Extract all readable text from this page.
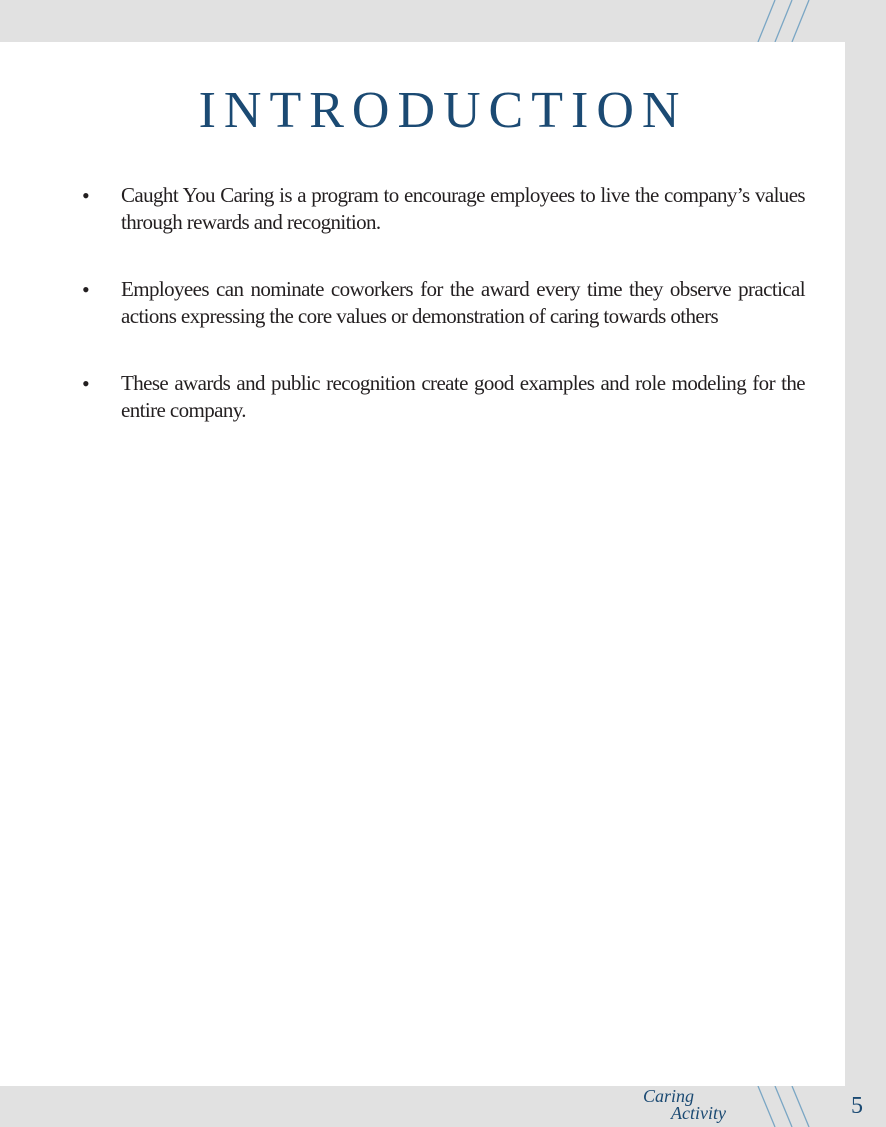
INTRODUCTION
• Caught You Caring is a program to encourage employees to live the company’s values through rewards and recognition.
• Employees can nominate coworkers for the award every time they observe practical actions expressing the core values or demonstration of caring towards others
• These awards and public recognition create good examples and role modeling for the entire company.
Caring
Activity	5
